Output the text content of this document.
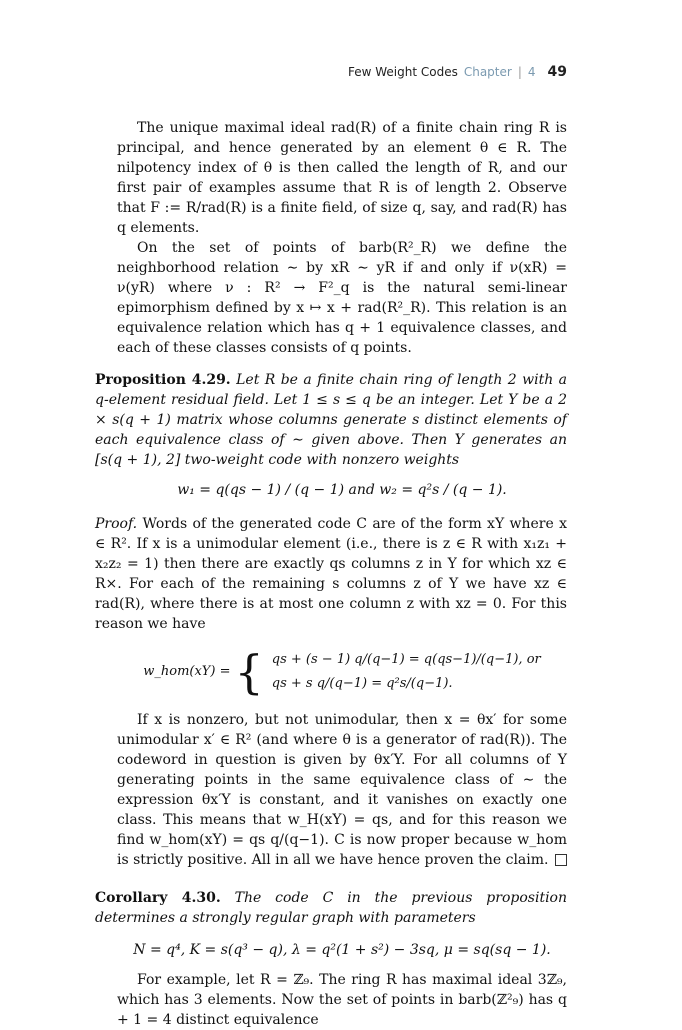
Few Weight Codes Chapter | 4 49

The unique maximal ideal rad(R) of a finite chain ring R is principal, and hence generated by an element θ ∈ R. The nilpotency index of θ is then called the length of R, and our first pair of examples assume that R is of length 2. Observe that F := R/rad(R) is a finite field, of size q, say, and rad(R) has q elements.

On the set of points of barb(R²_R) we define the neighborhood relation ∼ by xR ∼ yR if and only if ν(xR) = ν(yR) where ν : R² → F²_q is the natural semi-linear epimorphism defined by x ↦ x + rad(R²_R). This relation is an equivalence relation which has q + 1 equivalence classes, and each of these classes consists of q points.

Proposition 4.29. Let R be a finite chain ring of length 2 with a q-element residual field. Let 1 ≤ s ≤ q be an integer. Let Y be a 2 × s(q + 1) matrix whose columns generate s distinct elements of each equivalence class of ∼ given above. Then Y generates an [s(q + 1), 2] two-weight code with nonzero weights

w₁ = q(qs − 1) / (q − 1) and w₂ = q²s / (q − 1).

Proof. Words of the generated code C are of the form xY where x ∈ R². If x is a unimodular element (i.e., there is z ∈ R with x₁z₁ + x₂z₂ = 1) then there are exactly qs columns z in Y for which xz ∈ R×. For each of the remaining s columns z of Y we have xz ∈ rad(R), where there is at most one column z with xz = 0. For this reason we have

w_hom(xY) = { qs + (s − 1) q/(q−1) = q(qs−1)/(q−1), or
qs + s q/(q−1) = q²s/(q−1).

If x is nonzero, but not unimodular, then x = θx′ for some unimodular x′ ∈ R² (and where θ is a generator of rad(R)). The codeword in question is given by θx′Y. For all columns of Y generating points in the same equivalence class of ∼ the expression θx′Y is constant, and it vanishes on exactly one class. This means that w_H(xY) = qs, and for this reason we find w_hom(xY) = qs q/(q−1). C is now proper because w_hom is strictly positive. All in all we have hence proven the claim.

Corollary 4.30. The code C in the previous proposition determines a strongly regular graph with parameters

N = q⁴, K = s(q³ − q), λ = q²(1 + s²) − 3sq, μ = sq(sq − 1).

For example, let R = ℤ₉. The ring R has maximal ideal 3ℤ₉, which has 3 elements. Now the set of points in barb(ℤ²₉) has q + 1 = 4 distinct equivalence
